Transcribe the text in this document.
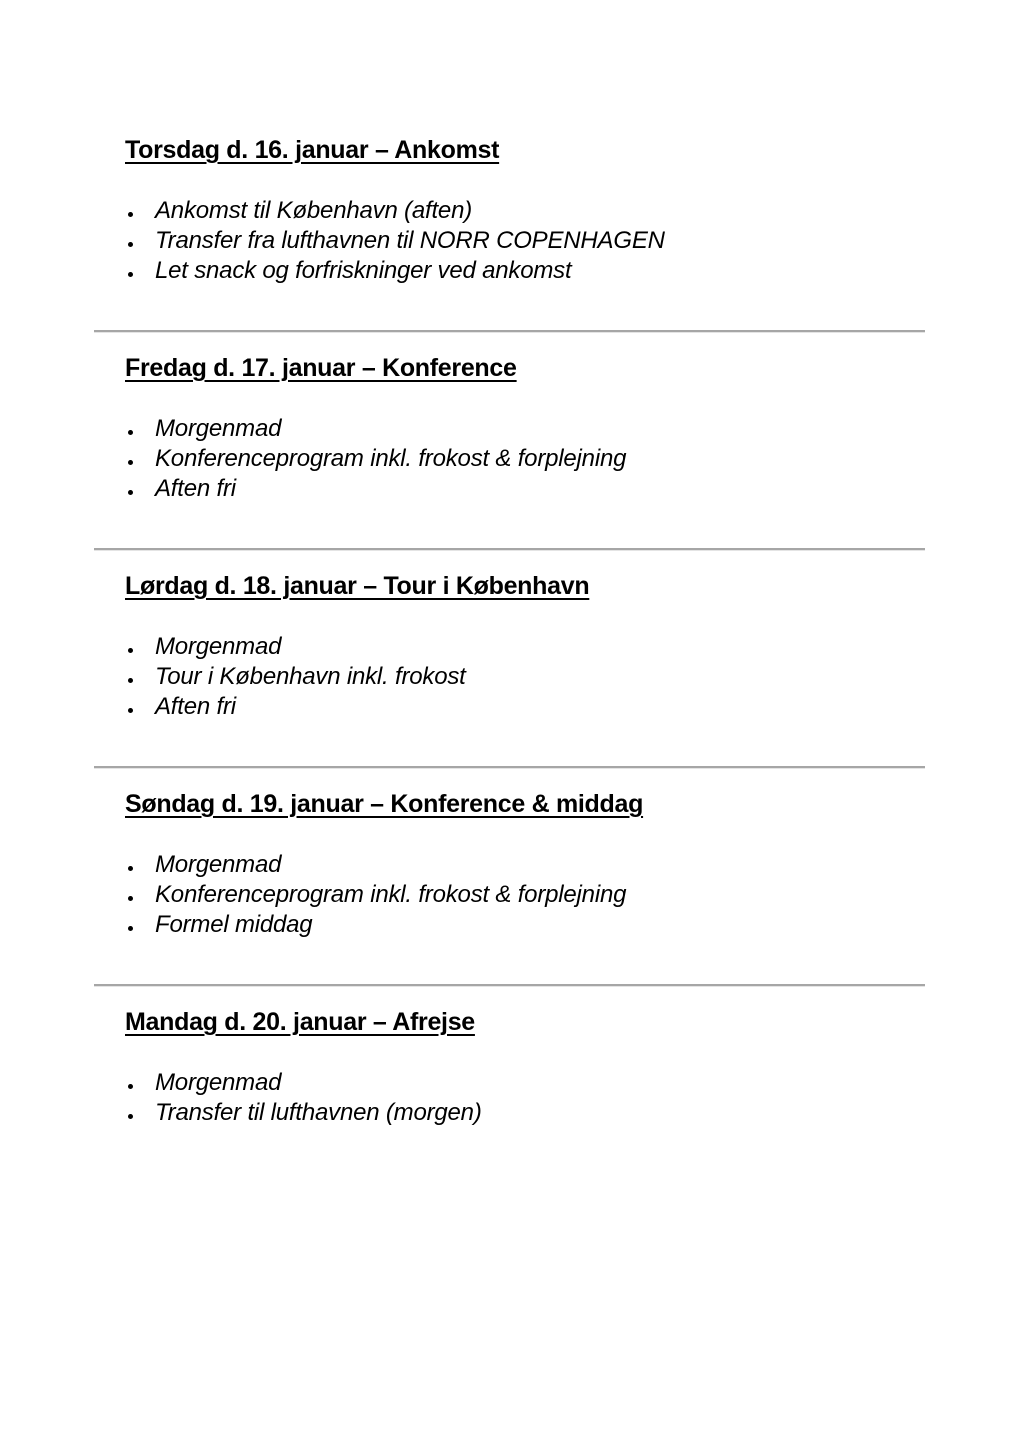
Torsdag d. 16. januar – Ankomst
Ankomst til København (aften)
Transfer fra lufthavnen til NORR COPENHAGEN
Let snack og forfriskninger ved ankomst
Fredag d. 17. januar – Konference
Morgenmad
Konferenceprogram inkl. frokost & forplejning
Aften fri
Lørdag d. 18. januar – Tour i København
Morgenmad
Tour i København inkl. frokost
Aften fri
Søndag d. 19. januar – Konference & middag
Morgenmad
Konferenceprogram inkl. frokost & forplejning
Formel middag
Mandag d. 20. januar – Afrejse
Morgenmad
Transfer til lufthavnen (morgen)
